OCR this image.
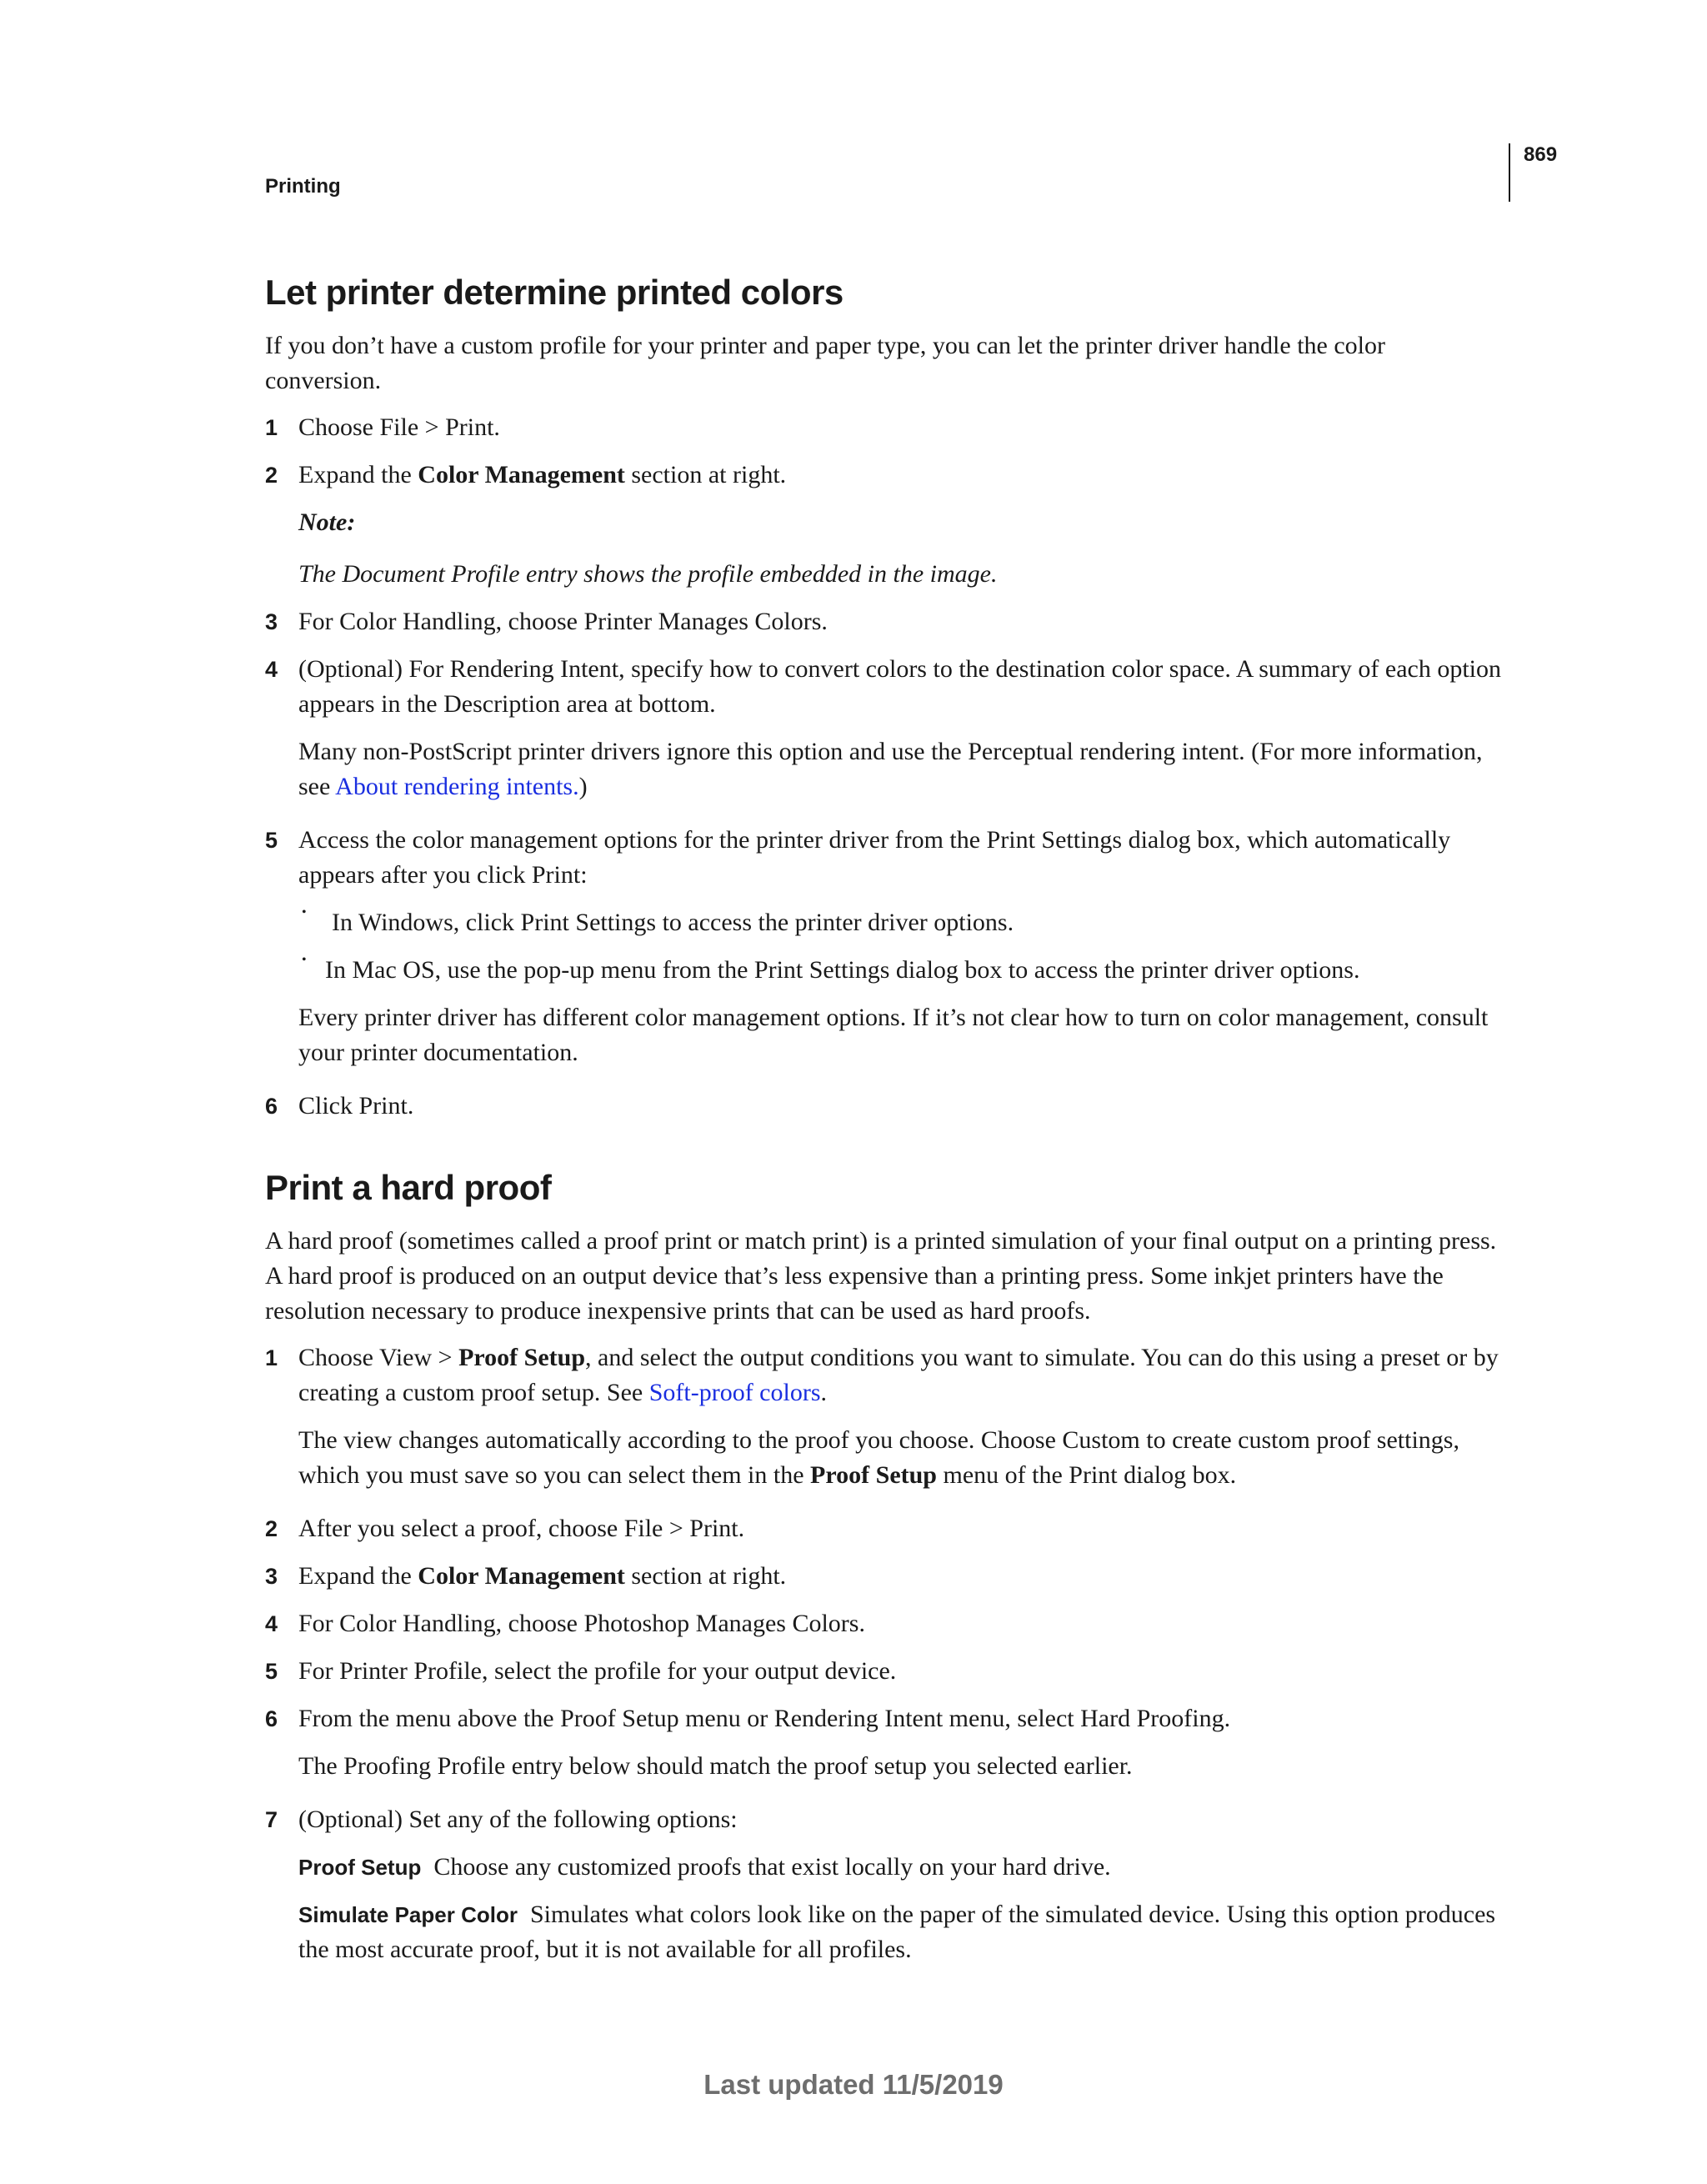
869
Printing
Let printer determine printed colors

If you don’t have a custom profile for your printer and paper type, you can let the printer driver handle the color conversion.

1 Choose File > Print.

2 Expand the Color Management section at right.

Note:

The Document Profile entry shows the profile embedded in the image.

3 For Color Handling, choose Printer Manages Colors.

4 (Optional) For Rendering Intent, specify how to convert colors to the destination color space. A summary of each option appears in the Description area at bottom.

Many non-PostScript printer drivers ignore this option and use the Perceptual rendering intent. (For more information, see About rendering intents.)

5 Access the color management options for the printer driver from the Print Settings dialog box, which automatically appears after you click Print:

• In Windows, click Print Settings to access the printer driver options.

• In Mac OS, use the pop-up menu from the Print Settings dialog box to access the printer driver options.

Every printer driver has different color management options. If it’s not clear how to turn on color management, consult your printer documentation.

6 Click Print.

Print a hard proof

A hard proof (sometimes called a proof print or match print) is a printed simulation of your final output on a printing press. A hard proof is produced on an output device that’s less expensive than a printing press. Some inkjet printers have the resolution necessary to produce inexpensive prints that can be used as hard proofs.

1 Choose View > Proof Setup, and select the output conditions you want to simulate. You can do this using a preset or by creating a custom proof setup. See Soft-proof colors.

The view changes automatically according to the proof you choose. Choose Custom to create custom proof settings, which you must save so you can select them in the Proof Setup menu of the Print dialog box.

2 After you select a proof, choose File > Print.

3 Expand the Color Management section at right.

4 For Color Handling, choose Photoshop Manages Colors.

5 For Printer Profile, select the profile for your output device.

6 From the menu above the Proof Setup menu or Rendering Intent menu, select Hard Proofing.

The Proofing Profile entry below should match the proof setup you selected earlier.

7 (Optional) Set any of the following options:

Proof Setup Choose any customized proofs that exist locally on your hard drive.

Simulate Paper Color Simulates what colors look like on the paper of the simulated device. Using this option produces the most accurate proof, but it is not available for all profiles.

Last updated 11/5/2019
